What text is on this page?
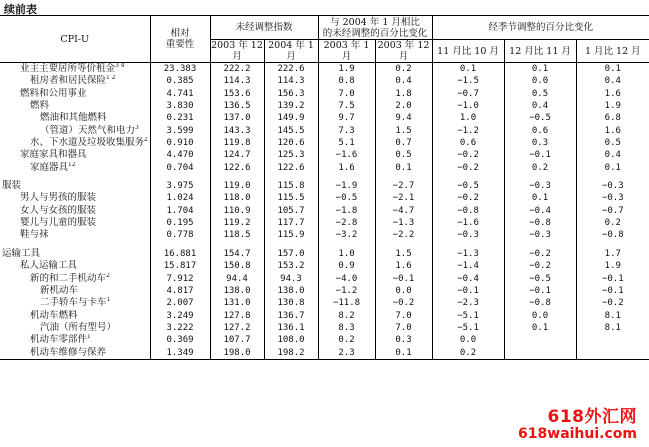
续前表
CPI-U	相对
重要性	未经调整指数		与 2004 年 1 月相比
的未经调整的百分比变化		经季节调整的百分比变化		
		2003 年 12 月	2004 年 1 月	2003 年 1 月	2003 年 12 月	11 月比 10 月	12 月比 11 月	1 月比 12 月
业主主要居所等价租金$^{3 4}$	23.383	222.2	222.6	1.9	0.2	0.1	0.1	0.1
租房者和居民保险$^{1 2}$	0.385	114.3	114.3	0.8	0.4	−1.5	0.0	0.4
燃料和公用事业	4.741	153.6	156.3	7.0	1.8	−0.7	0.5	1.6
燃料	3.830	136.5	139.2	7.5	2.0	−1.0	0.4	1.9
燃油和其他燃料	0.231	137.0	149.9	9.7	9.4	1.0	−0.5	6.8
（管道）天然气和电力$^3$	3.599	143.3	145.5	7.3	1.5	−1.2	0.6	1.6
水、下水道及垃圾收集服务$^2$	0.910	119.8	120.6	5.1	0.7	0.6	0.3	0.5
家庭家具和器具	4.470	124.7	125.3	−1.6	0.5	−0.2	−0.1	0.4
家庭器具$^{12}$	0.704	122.6	122.6	1.6	0.1	−0.2	0.2	0.1

服装	3.975	119.0	115.8	−1.9	−2.7	−0.5	−0.3	−0.3
男人与男孩的服装	1.024	118.0	115.5	−0.5	−2.1	−0.2	0.1	−0.3
女人与女孩的服装	1.704	110.9	105.7	−1.8	−4.7	−0.8	−0.4	−0.7
婴儿与儿童的服装	0.195	119.2	117.7	−2.8	−1.3	−1.6	−0.8	0.2
鞋与袜	0.778	118.5	115.9	−3.2	−2.2	−0.3	−0.3	−0.8

运输工具	16.881	154.7	157.0	1.0	1.5	−1.3	−0.2	1.7
私人运输工具	15.817	150.8	153.2	0.9	1.6	−1.4	−0.2	1.9
新的和二手机动车$^2$	7.912	94.4	94.3	−4.0	−0.1	−0.4	−0.5	−0.1
新机动车	4.817	138.0	138.0	−1.2	0.0	−0.1	−0.1	−0.1
二手轿车与卡车$^1$	2.007	131.0	130.8	−11.8	−0.2	−2.3	−0.8	−0.2
机动车燃料	3.249	127.8	136.7	8.2	7.0	−5.1	0.0	8.1
汽油（所有型号）	3.222	127.2	136.1	8.3	7.0	−5.1	0.1	8.1
机动车零部件$^1$	0.369	107.7	108.0	0.2	0.3	0.0		
机动车维修与保养	1.349	198.0	198.2	2.3	0.1	0.2		
618外汇网
618waihui.com
